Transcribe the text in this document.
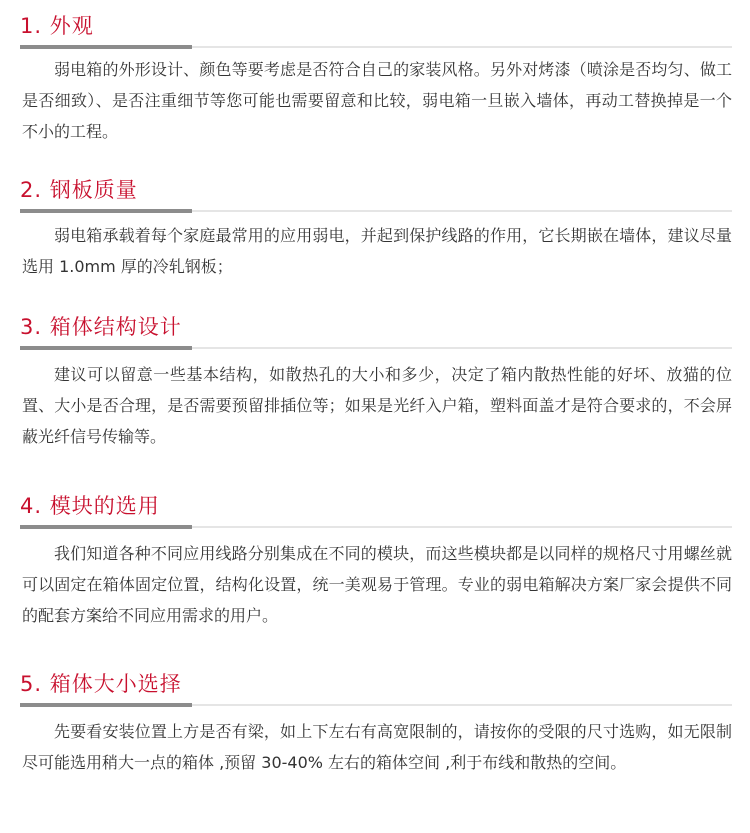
1. 外观
弱电箱的外形设计、颜色等要考虑是否符合自己的家装风格。另外对烤漆（喷涂是否均匀、做工是否细致）、是否注重细节等您可能也需要留意和比较，弱电箱一旦嵌入墙体，再动工替换掉是一个不小的工程。
2. 钢板质量
弱电箱承载着每个家庭最常用的应用弱电，并起到保护线路的作用，它长期嵌在墙体，建议尽量选用 1.0mm 厚的冷轧钢板；
3. 箱体结构设计
建议可以留意一些基本结构，如散热孔的大小和多少，决定了箱内散热性能的好坏、放猫的位置、大小是否合理，是否需要预留排插位等；如果是光纤入户箱，塑料面盖才是符合要求的，不会屏蔽光纤信号传输等。
4. 模块的选用
我们知道各种不同应用线路分别集成在不同的模块，而这些模块都是以同样的规格尺寸用螺丝就可以固定在箱体固定位置，结构化设置，统一美观易于管理。专业的弱电箱解决方案厂家会提供不同的配套方案给不同应用需求的用户。
5. 箱体大小选择
先要看安装位置上方是否有梁，如上下左右有高宽限制的，请按你的受限的尺寸选购，如无限制尽可能选用稍大一点的箱体 ,预留 30-40% 左右的箱体空间 ,利于布线和散热的空间。
